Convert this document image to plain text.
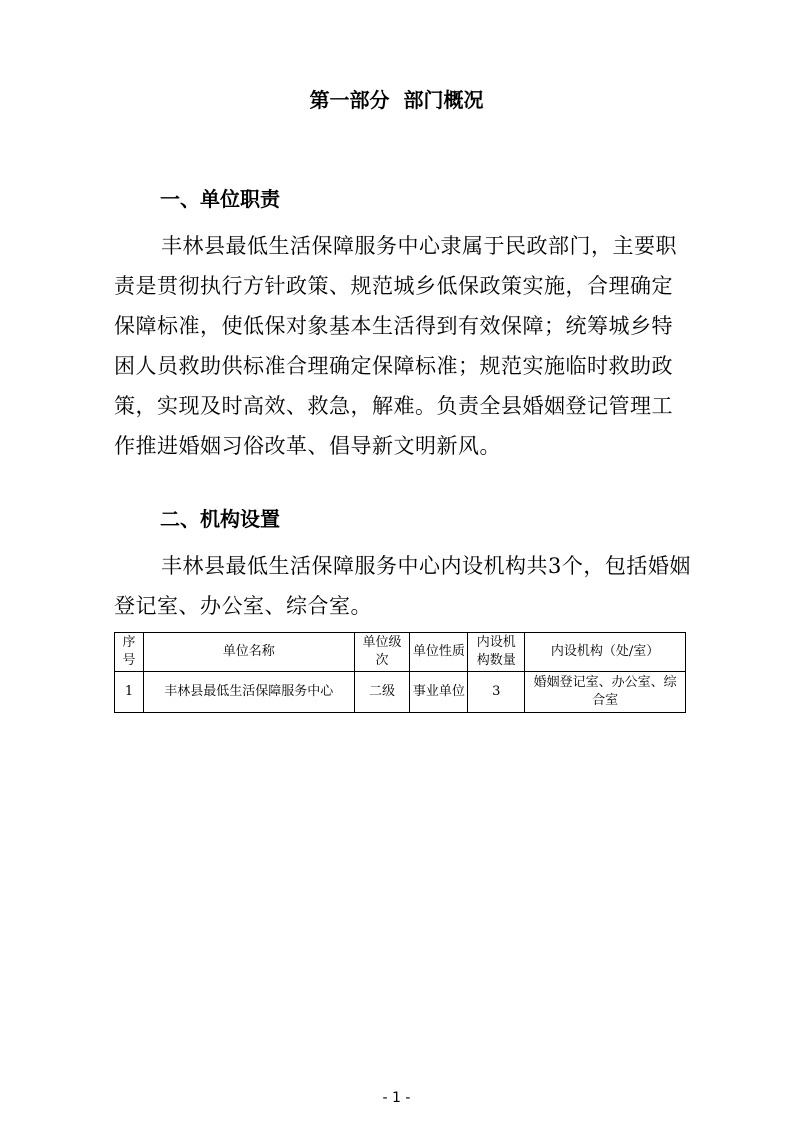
第一部分  部门概况
一、单位职责
丰林县最低生活保障服务中心隶属于民政部门，主要职
责是贯彻执行方针政策、规范城乡低保政策实施，合理确定
保障标准，使低保对象基本生活得到有效保障；统筹城乡特
困人员救助供标准合理确定保障标准；规范实施临时救助政
策，实现及时高效、救急，解难。负责全县婚姻登记管理工
作推进婚姻习俗改革、倡导新文明新风。
二、机构设置
丰林县最低生活保障服务中心内设机构共3个，包括婚姻
登记室、办公室、综合室。
序号	单位名称	单位级次	单位性质	内设机构数量	内设机构（处/室）
1	丰林县最低生活保障服务中心	二级	事业单位	3	婚姻登记室、办公室、综合室
- 1 -
